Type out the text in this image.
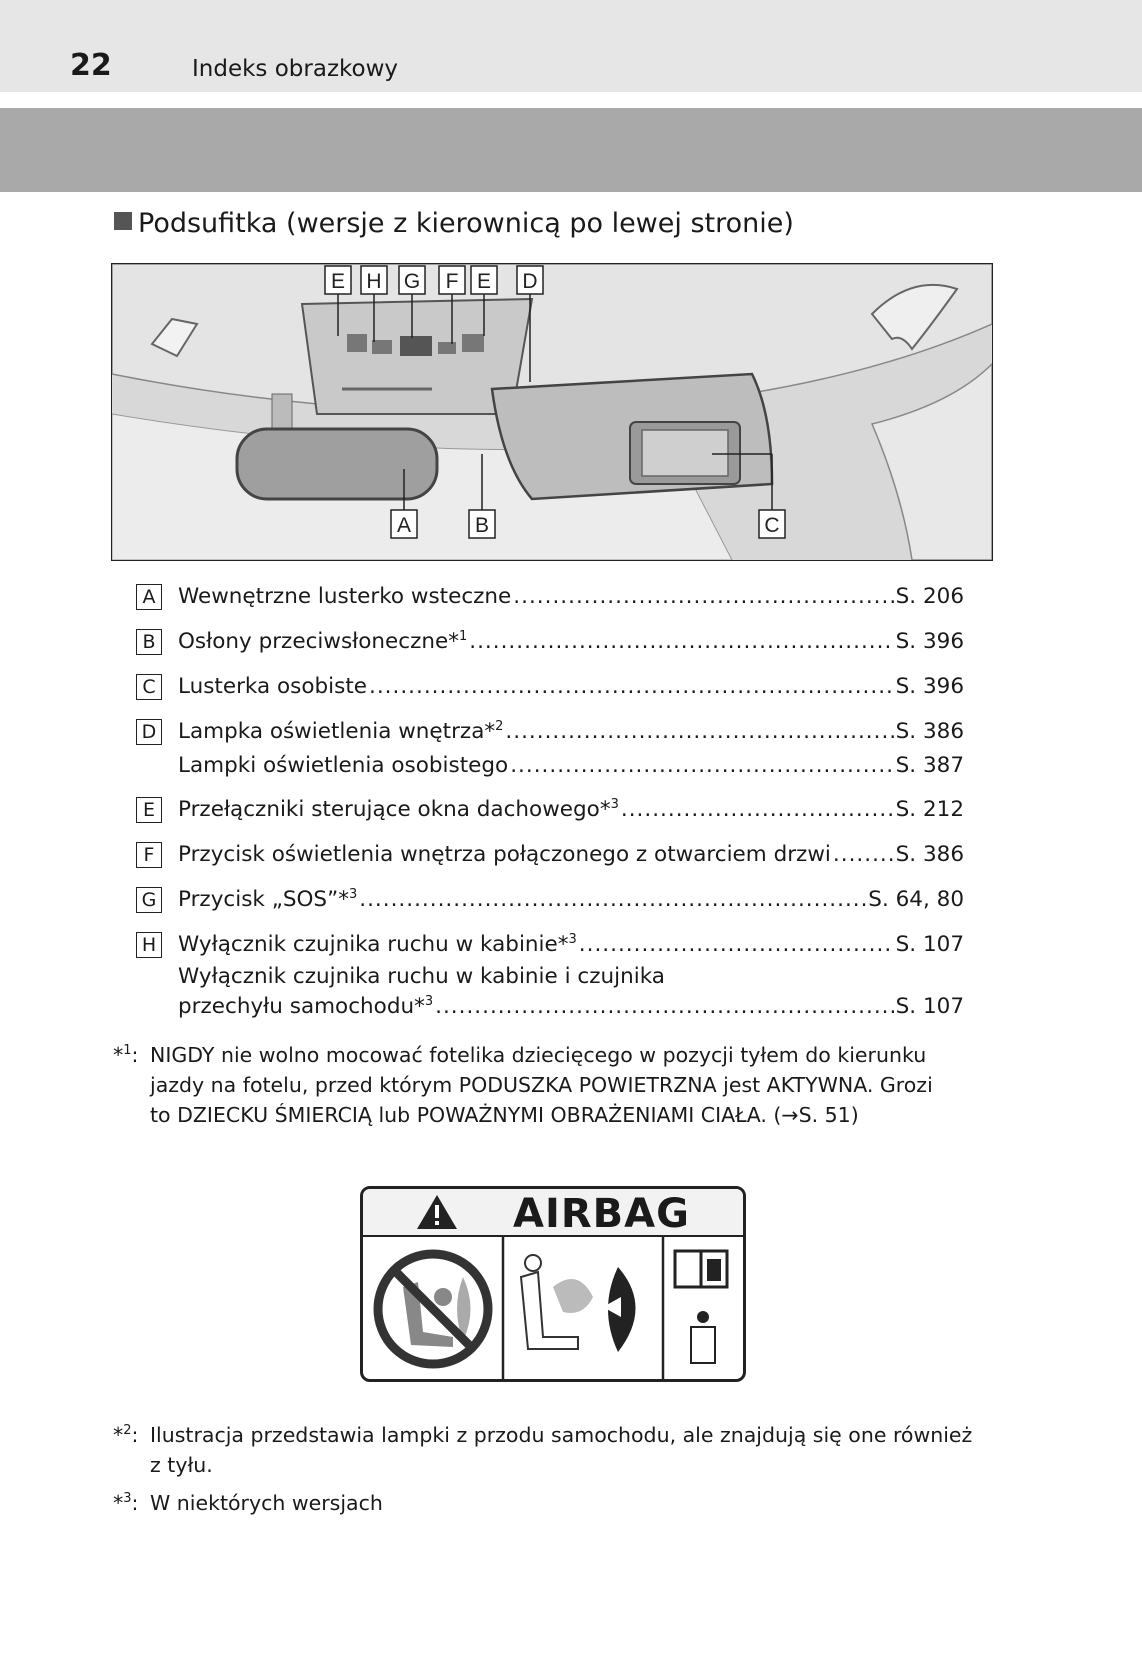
22	Indeks obrazkowy
Podsufitka (wersje z kierownicą po lewej stronie)
E H G F E D
A	B	C
A	Wewnętrzne lusterko wsteczne .....	S. 206
B	Osłony przeciwsłoneczne*$^1$ .....	S. 396
C	Lusterka osobiste .....	S. 396
D	Lampka oświetlenia wnętrza*$^2$ .....	S. 386
Lampki oświetlenia osobistego .....	S. 387
E	Przełączniki sterujące okna dachowego*$^3$ .....	S. 212
F	Przycisk oświetlenia wnętrza połączonego z otwarciem drzwi .....	S. 386
G	Przycisk „SOS”*$^3$ .....	S. 64, 80
H	Wyłącznik czujnika ruchu w kabinie*$^3$ .....	S. 107
Wyłącznik czujnika ruchu w kabinie i czujnika
przechyłu samochodu*$^3$ .....	S. 107
*$^1$: NIGDY nie wolno mocować fotelika dziecięcego w pozycji tyłem do kierunku
jazdy na fotelu, przed którym PODUSZKA POWIETRZNA jest AKTYWNA. Grozi
to DZIECKU ŚMIERCIĄ lub POWAŻNYMI OBRAŻENIAMI CIAŁA. (→S. 51)
AIRBAG
*$^2$: Ilustracja przedstawia lampki z przodu samochodu, ale znajdują się one również
z tyłu.
*$^3$: W niektórych wersjach
